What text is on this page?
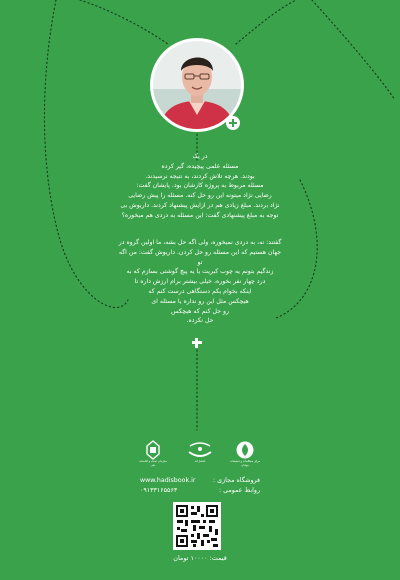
در یک

مسئله علمی پیچیده، گیر کرده

بودند. هرچه تلاش کردند، به نتیجه نرسیدند.

مسئله مربوط به پروژه کارشان بود. پایشان گفت:

رضایی نژاد میتونه این رو حل کنه. مسئله را پیش رضایی

نژاد بردند. مبلغ زیادی هم در ازایش پیشنهاد کردند. داریوش بی

توجه به مبلغ پیشنهادی گفت: این مسئله به دردی هم میخوره؟

گفتند: نه، به دردی نمیخوره، ولی اگه حل بشه، ما اولین گروه در

جهان هستیم که این مسئله رو حل کردن. داریوش گفت: من اگه تو

زندگیم بتونم یه چوب کبریت یا یه پیچ گوشتی بسازم که به

درد چهار نفر بخوره، خیلی بیشتر برام ارزش داره تا

اینکه بخوام یکم دستگاهی درست کنم که

هیچکس مثل این رو نداره یا مسئله ای

رو حل کنم که هیچکس

حل نکرده.

سازمان اسناد و کتابخانه ملی
انتشارات	مرکز مطالعات و تحقیقات جوانان
www.hadisbook.ir	فروشگاه مجازی :
۰۹۱۳۳۱۶۵۵۶۳	روابط عمومی :
قیمت: ۱۰۰۰۰ تومان
